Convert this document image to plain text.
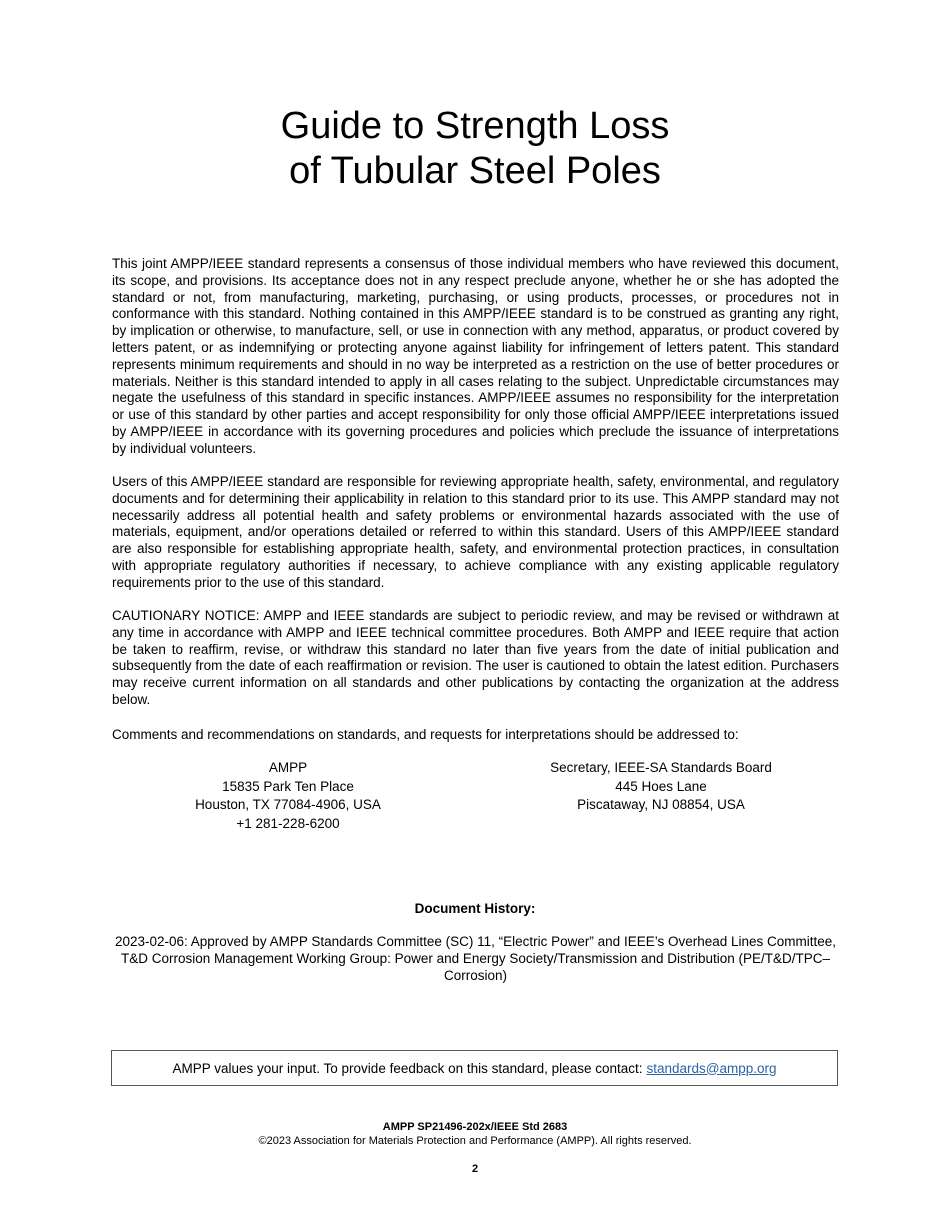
Guide to Strength Loss
of Tubular Steel Poles

This joint AMPP/IEEE standard represents a consensus of those individual members who have reviewed this document, its scope, and provisions. Its acceptance does not in any respect preclude anyone, whether he or she has adopted the standard or not, from manufacturing, marketing, purchasing, or using products, processes, or procedures not in conformance with this standard. Nothing contained in this AMPP/IEEE standard is to be construed as granting any right, by implication or otherwise, to manufacture, sell, or use in connection with any method, apparatus, or product covered by letters patent, or as indemnifying or protecting anyone against liability for infringement of letters patent. This standard represents minimum requirements and should in no way be interpreted as a restriction on the use of better procedures or materials. Neither is this standard intended to apply in all cases relating to the subject. Unpredictable circumstances may negate the usefulness of this standard in specific instances. AMPP/IEEE assumes no responsibility for the interpretation or use of this standard by other parties and accept responsibility for only those official AMPP/IEEE interpretations issued by AMPP/IEEE in accordance with its governing procedures and policies which preclude the issuance of interpretations by individual volunteers.

Users of this AMPP/IEEE standard are responsible for reviewing appropriate health, safety, environmental, and regulatory documents and for determining their applicability in relation to this standard prior to its use. This AMPP standard may not necessarily address all potential health and safety problems or environmental hazards associated with the use of materials, equipment, and/or operations detailed or referred to within this standard. Users of this AMPP/IEEE standard are also responsible for establishing appropriate health, safety, and environmental protection practices, in consultation with appropriate regulatory authorities if necessary, to achieve compliance with any existing applicable regulatory requirements prior to the use of this standard.

CAUTIONARY NOTICE: AMPP and IEEE standards are subject to periodic review, and may be revised or withdrawn at any time in accordance with AMPP and IEEE technical committee procedures. Both AMPP and IEEE require that action be taken to reaffirm, revise, or withdraw this standard no later than five years from the date of initial publication and subsequently from the date of each reaffirmation or revision. The user is cautioned to obtain the latest edition. Purchasers may receive current information on all standards and other publications by contacting the organization at the address below.

Comments and recommendations on standards, and requests for interpretations should be addressed to:

AMPP
15835 Park Ten Place
Houston, TX 77084-4906, USA
+1 281-228-6200
Secretary, IEEE-SA Standards Board
445 Hoes Lane
Piscataway, NJ 08854, USA
Document History:

2023-02-06: Approved by AMPP Standards Committee (SC) 11, “Electric Power” and IEEE’s Overhead Lines Committee, T&D Corrosion Management Working Group: Power and Energy Society/Transmission and Distribution (PE/T&D/TPC–Corrosion)

AMPP values your input. To provide feedback on this standard, please contact: standards@ampp.org
AMPP SP21496-202x/IEEE Std 2683
©2023 Association for Materials Protection and Performance (AMPP). All rights reserved.
2
